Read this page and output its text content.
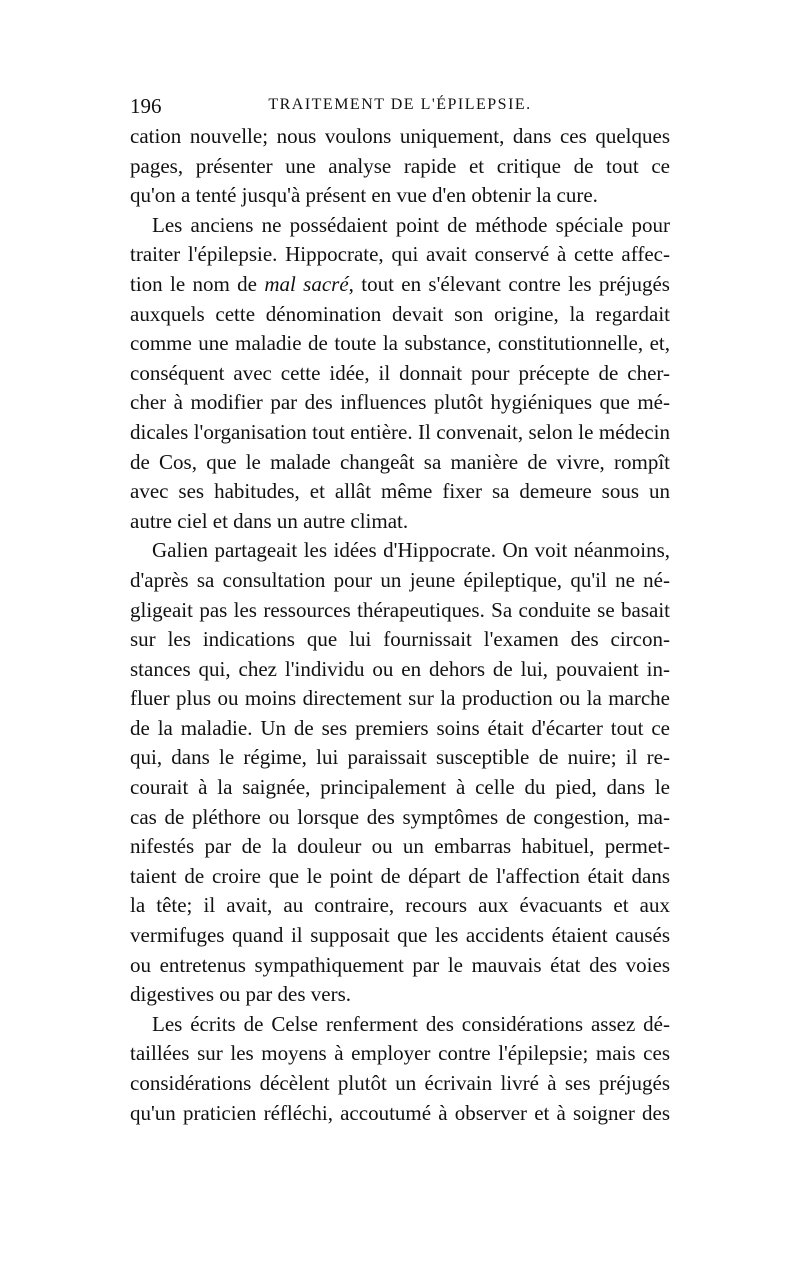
196	TRAITEMENT DE L'ÉPILEPSIE.
cation nouvelle; nous voulons uniquement, dans ces quelques
pages, présenter une analyse rapide et critique de tout ce
qu'on a tenté jusqu'à présent en vue d'en obtenir la cure.
Les anciens ne possédaient point de méthode spéciale pour
traiter l'épilepsie. Hippocrate, qui avait conservé à cette affec-
tion le nom de mal sacré, tout en s'élevant contre les préjugés
auxquels cette dénomination devait son origine, la regardait
comme une maladie de toute la substance, constitutionnelle, et,
conséquent avec cette idée, il donnait pour précepte de cher-
cher à modifier par des influences plutôt hygiéniques que mé-
dicales l'organisation tout entière. Il convenait, selon le médecin
de Cos, que le malade changeât sa manière de vivre, rompît
avec ses habitudes, et allât même fixer sa demeure sous un
autre ciel et dans un autre climat.
Galien partageait les idées d'Hippocrate. On voit néanmoins,
d'après sa consultation pour un jeune épileptique, qu'il ne né-
gligeait pas les ressources thérapeutiques. Sa conduite se basait
sur les indications que lui fournissait l'examen des circon-
stances qui, chez l'individu ou en dehors de lui, pouvaient in-
fluer plus ou moins directement sur la production ou la marche
de la maladie. Un de ses premiers soins était d'écarter tout ce
qui, dans le régime, lui paraissait susceptible de nuire; il re-
courait à la saignée, principalement à celle du pied, dans le
cas de pléthore ou lorsque des symptômes de congestion, ma-
nifestés par de la douleur ou un embarras habituel, permet-
taient de croire que le point de départ de l'affection était dans
la tête; il avait, au contraire, recours aux évacuants et aux
vermifuges quand il supposait que les accidents étaient causés
ou entretenus sympathiquement par le mauvais état des voies
digestives ou par des vers.
Les écrits de Celse renferment des considérations assez dé-
taillées sur les moyens à employer contre l'épilepsie; mais ces
considérations décèlent plutôt un écrivain livré à ses préjugés
qu'un praticien réfléchi, accoutumé à observer et à soigner des
